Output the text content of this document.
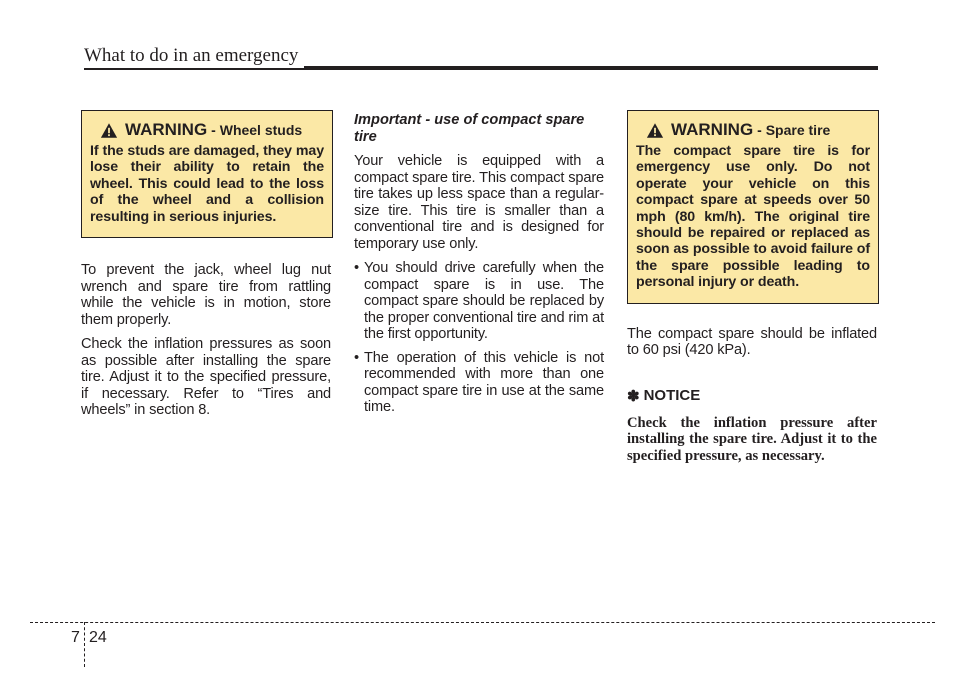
What to do in an emergency
WARNING - Wheel studs

If the studs are damaged, they may lose their ability to retain the wheel. This could lead to the loss of the wheel and a collision resulting in serious injuries.

To prevent the jack, wheel lug nut wrench and spare tire from rattling while the vehicle is in motion, store them properly.

Check the inflation pressures as soon as possible after installing the spare tire. Adjust it to the specified pressure, if necessary. Refer to “Tires and wheels” in section 8.

Important - use of compact spare tire

Your vehicle is equipped with a compact spare tire. This compact spare tire takes up less space than a regular-size tire. This tire is smaller than a conventional tire and is designed for temporary use only.

• You should drive carefully when the compact spare is in use. The compact spare should be replaced by the proper conventional tire and rim at the first opportunity.
• The operation of this vehicle is not recommended with more than one compact spare tire in use at the same time.
WARNING - Spare tire

The compact spare tire is for emergency use only. Do not operate your vehicle on this compact spare at speeds over 50 mph (80 km/h). The original tire should be repaired or replaced as soon as possible to avoid failure of the spare possible leading to personal injury or death.

The compact spare should be inflated to 60 psi (420 kPa).

✽ NOTICE

Check the inflation pressure after installing the spare tire. Adjust it to the specified pressure, as necessary.

7 24
